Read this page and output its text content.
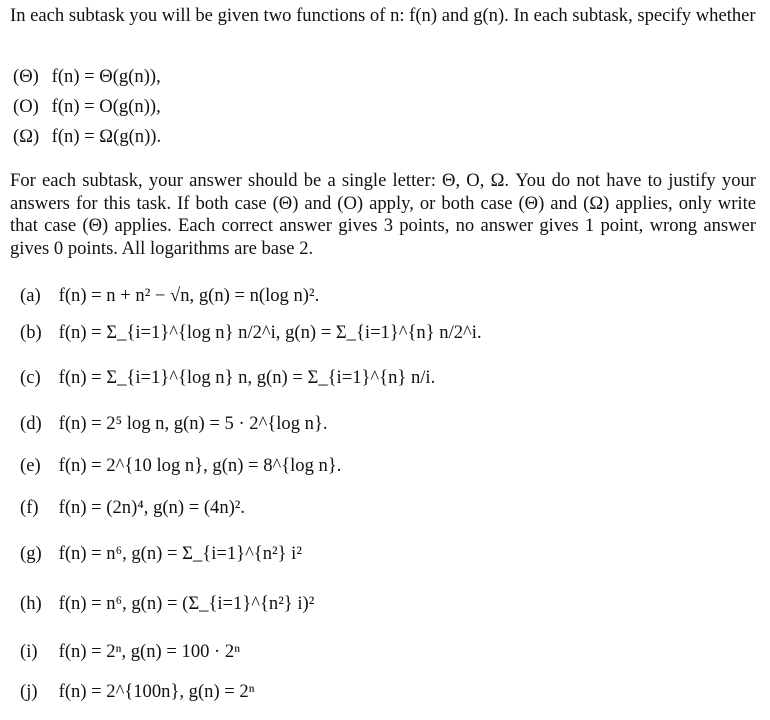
In each subtask you will be given two functions of n: f(n) and g(n). In each subtask, specify whether
(Θ) f(n) = Θ(g(n)),
(O) f(n) = O(g(n)),
(Ω) f(n) = Ω(g(n)).
For each subtask, your answer should be a single letter: Θ, O, Ω. You do not have to justify your answers for this task. If both case (Θ) and (O) apply, or both case (Θ) and (Ω) applies, only write that case (Θ) applies. Each correct answer gives 3 points, no answer gives 1 point, wrong answer gives 0 points. All logarithms are base 2.
(a) f(n) = n + n² − √n, g(n) = n(log n)².
(b) f(n) = Σ_{i=1}^{log n} n/2^i, g(n) = Σ_{i=1}^{n} n/2^i.
(c) f(n) = Σ_{i=1}^{log n} n, g(n) = Σ_{i=1}^{n} n/i.
(d) f(n) = 2⁵ log n, g(n) = 5 · 2^{log n}.
(e) f(n) = 2^{10 log n}, g(n) = 8^{log n}.
(f) f(n) = (2n)⁴, g(n) = (4n)².
(g) f(n) = n⁶, g(n) = Σ_{i=1}^{n²} i²
(h) f(n) = n⁶, g(n) = (Σ_{i=1}^{n²} i)²
(i) f(n) = 2ⁿ, g(n) = 100 · 2ⁿ
(j) f(n) = 2^{100n}, g(n) = 2ⁿ
